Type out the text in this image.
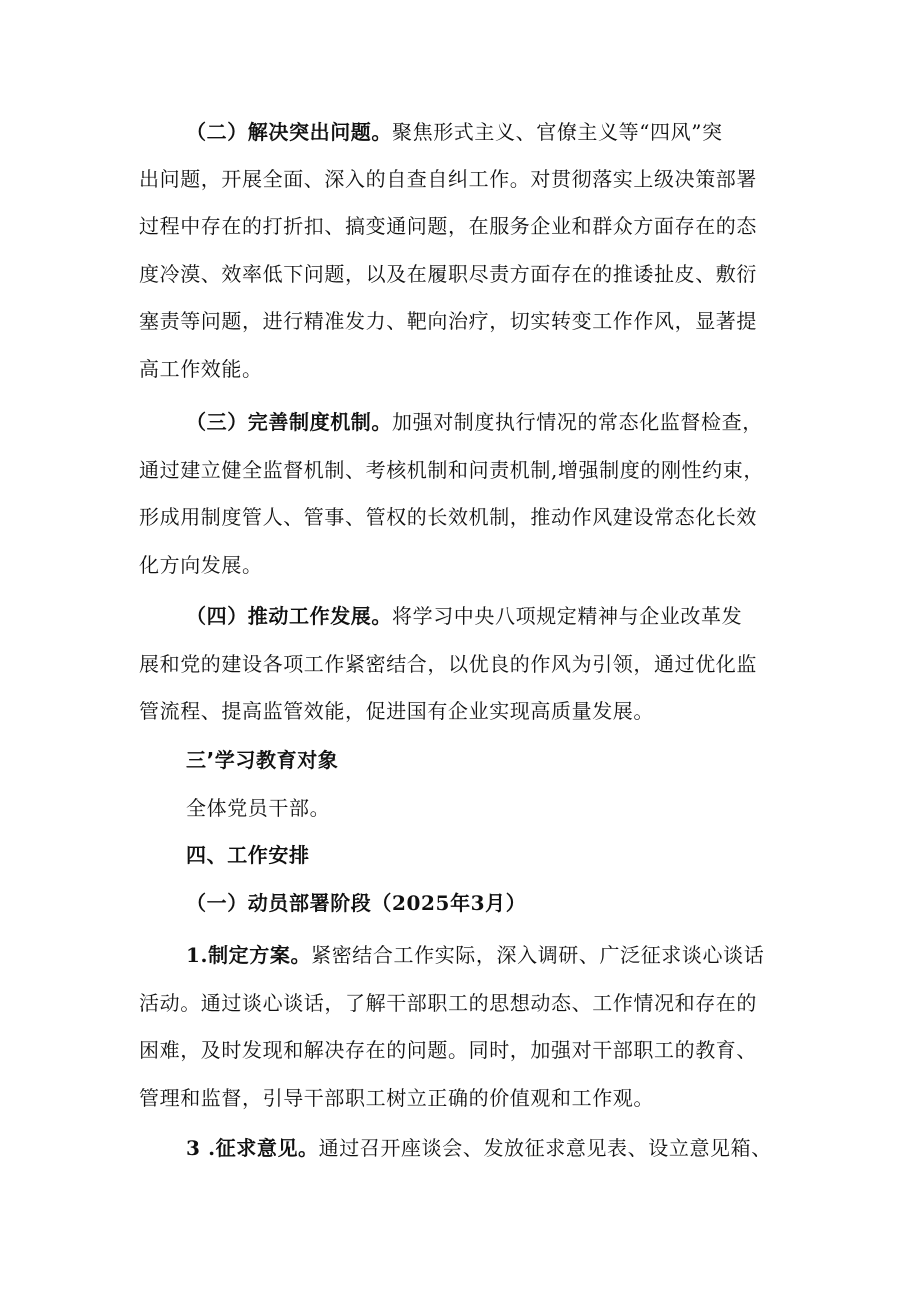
（二）解决突出问题。聚焦形式主义、官僚主义等“四风”突
出问题，开展全面、深入的自查自纠工作。对贯彻落实上级决策部署
过程中存在的打折扣、搞变通问题，在服务企业和群众方面存在的态
度冷漠、效率低下问题，以及在履职尽责方面存在的推诿扯皮、敷衍
塞责等问题，进行精准发力、靶向治疗，切实转变工作作风，显著提
高工作效能。
（三）完善制度机制。加强对制度执行情况的常态化监督检查，
通过建立健全监督机制、考核机制和问责机制,增强制度的刚性约束，
形成用制度管人、管事、管权的长效机制，推动作风建设常态化长效
化方向发展。
（四）推动工作发展。将学习中央八项规定精神与企业改革发
展和党的建设各项工作紧密结合，以优良的作风为引领，通过优化监
管流程、提高监管效能，促进国有企业实现高质量发展。
三’学习教育对象
全体党员干部。
四、工作安排
（一）动员部署阶段（2025年3月）
1.制定方案。紧密结合工作实际，深入调研、广泛征求谈心谈话
活动。通过谈心谈话，了解干部职工的思想动态、工作情况和存在的
困难，及时发现和解决存在的问题。同时，加强对干部职工的教育、
管理和监督，引导干部职工树立正确的价值观和工作观。
3 .征求意见。通过召开座谈会、发放征求意见表、设立意见箱、
